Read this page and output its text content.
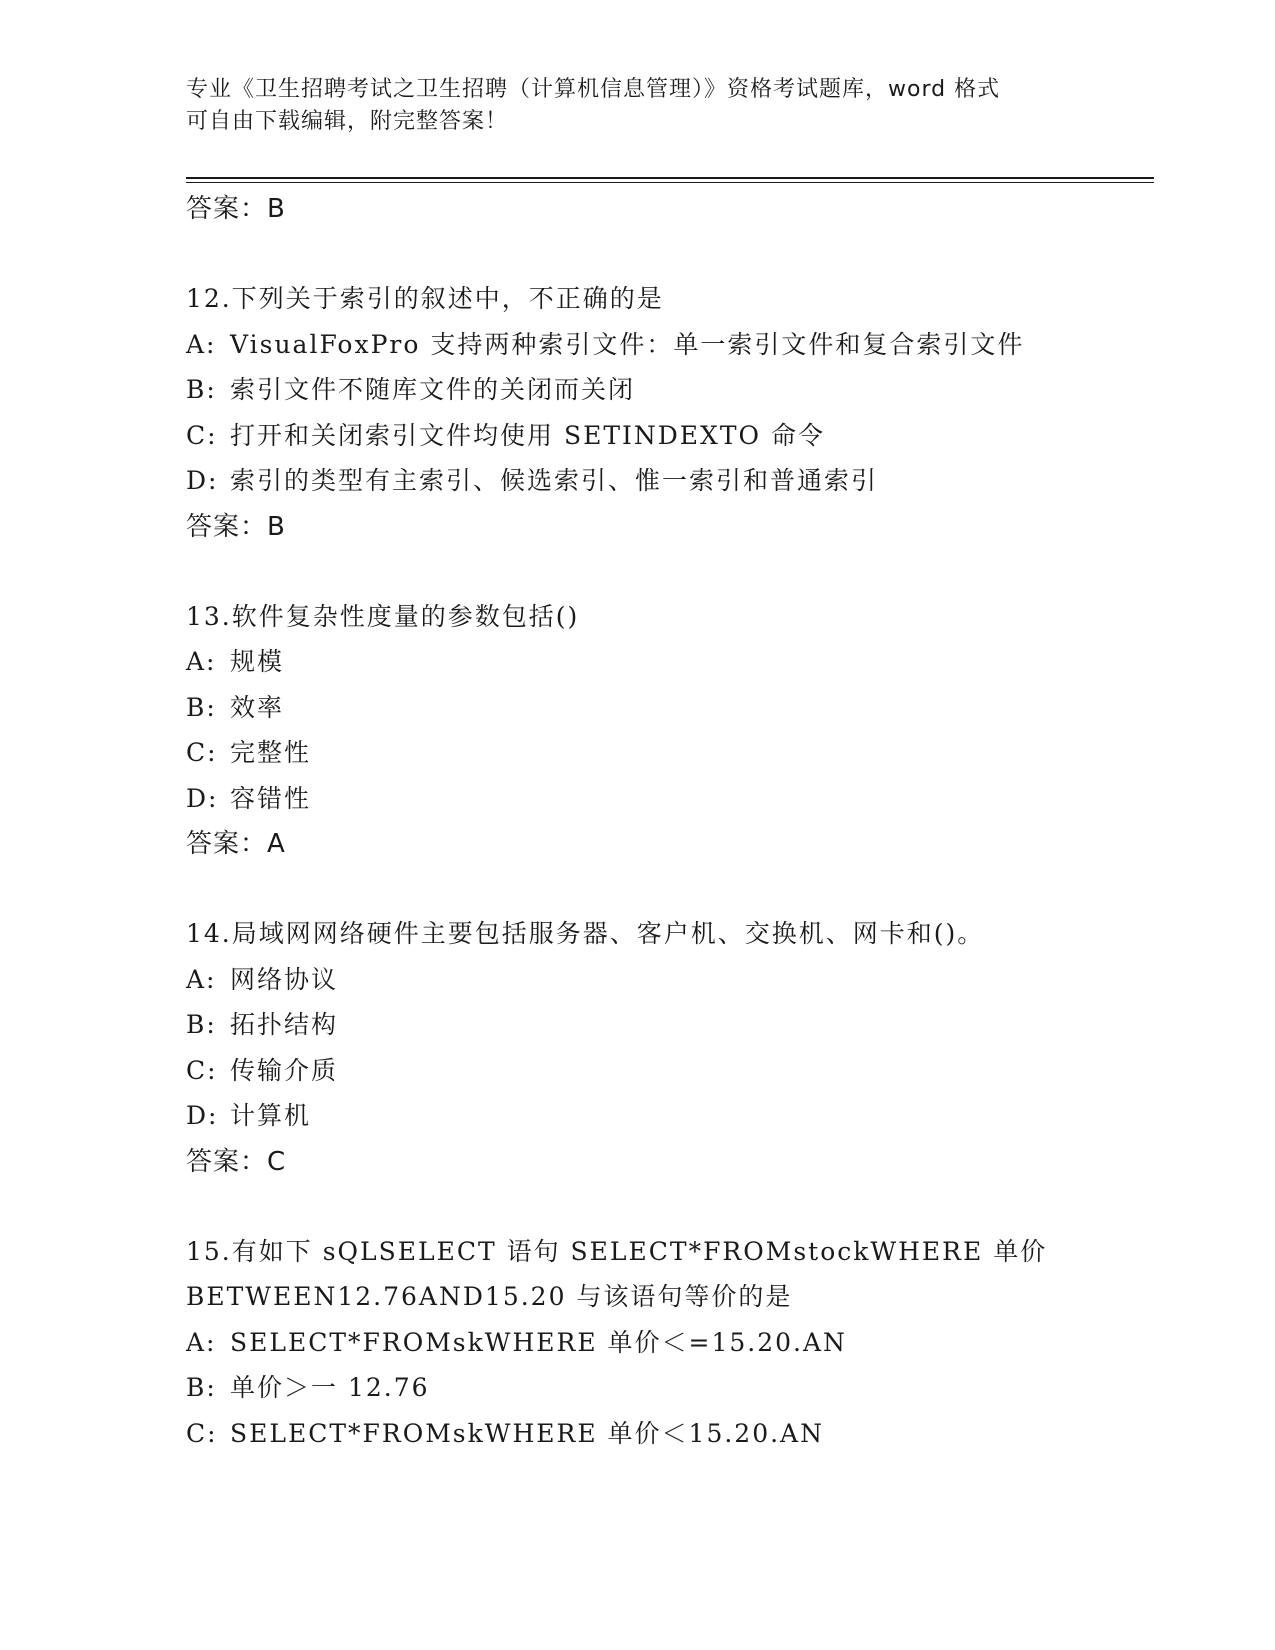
专业《卫生招聘考试之卫生招聘（计算机信息管理）》资格考试题库，word 格式
可自由下载编辑，附完整答案！
答案：B
12.下列关于索引的叙述中，不正确的是
A: VisualFoxPro 支持两种索引文件：单一索引文件和复合索引文件
B: 索引文件不随库文件的关闭而关闭
C: 打开和关闭索引文件均使用 SETINDEXTO 命令
D: 索引的类型有主索引、候选索引、惟一索引和普通索引
答案：B
13.软件复杂性度量的参数包括()
A: 规模
B: 效率
C: 完整性
D: 容错性
答案：A
14.局域网网络硬件主要包括服务器、客户机、交换机、网卡和()。
A: 网络协议
B: 拓扑结构
C: 传输介质
D: 计算机
答案：C
15.有如下 sQLSELECT 语句 SELECT*FROMstockWHERE 单价
BETWEEN12.76AND15.20 与该语句等价的是
A: SELECT*FROMskWHERE 单价＜=15.20.AN
B: 单价＞一 12.76
C: SELECT*FROMskWHERE 单价＜15.20.AN
